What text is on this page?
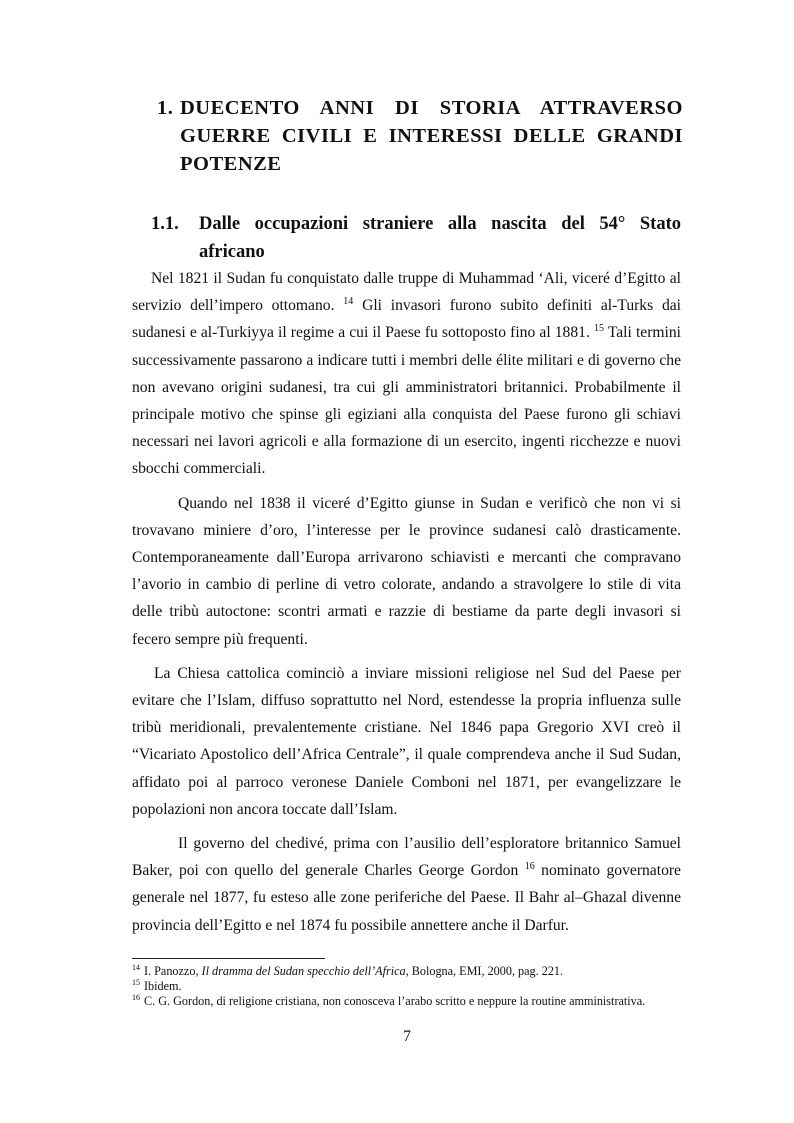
1. DUECENTO ANNI DI STORIA ATTRAVERSO GUERRE CIVILI E INTERESSI DELLE GRANDI POTENZE
1.1. Dalle occupazioni straniere alla nascita del 54° Stato africano

Nel 1821 il Sudan fu conquistato dalle truppe di Muhammad ‘Ali, viceré d’Egitto al servizio dell’impero ottomano. $^{14}$ Gli invasori furono subito definiti al-Turks dai sudanesi e al-Turkiyya il regime a cui il Paese fu sottoposto fino al 1881. $^{15}$ Tali termini successivamente passarono a indicare tutti i membri delle élite militari e di governo che non avevano origini sudanesi, tra cui gli amministratori britannici. Probabilmente il principale motivo che spinse gli egiziani alla conquista del Paese furono gli schiavi necessari nei lavori agricoli e alla formazione di un esercito, ingenti ricchezze e nuovi sbocchi commerciali.

Quando nel 1838 il viceré d’Egitto giunse in Sudan e verificò che non vi si trovavano miniere d’oro, l’interesse per le province sudanesi calò drasticamente. Contemporaneamente dall’Europa arrivarono schiavisti e mercanti che compravano l’avorio in cambio di perline di vetro colorate, andando a stravolgere lo stile di vita delle tribù autoctone: scontri armati e razzie di bestiame da parte degli invasori si fecero sempre più frequenti.

La Chiesa cattolica cominciò a inviare missioni religiose nel Sud del Paese per evitare che l’Islam, diffuso soprattutto nel Nord, estendesse la propria influenza sulle tribù meridionali, prevalentemente cristiane. Nel 1846 papa Gregorio XVI creò il “Vicariato Apostolico dell’Africa Centrale”, il quale comprendeva anche il Sud Sudan, affidato poi al parroco veronese Daniele Comboni nel 1871, per evangelizzare le popolazioni non ancora toccate dall’Islam.

Il governo del chedivé, prima con l’ausilio dell’esploratore britannico Samuel Baker, poi con quello del generale Charles George Gordon $^{16}$ nominato governatore generale nel 1877, fu esteso alle zone periferiche del Paese. Il Bahr al–Ghazal divenne provincia dell’Egitto e nel 1874 fu possibile annettere anche il Darfur.

$^{14}$ I. Panozzo, Il dramma del Sudan specchio dell’Africa, Bologna, EMI, 2000, pag. 221.

$^{15}$ Ibidem.

$^{16}$ C. G. Gordon, di religione cristiana, non conosceva l’arabo scritto e neppure la routine amministrativa.

7
